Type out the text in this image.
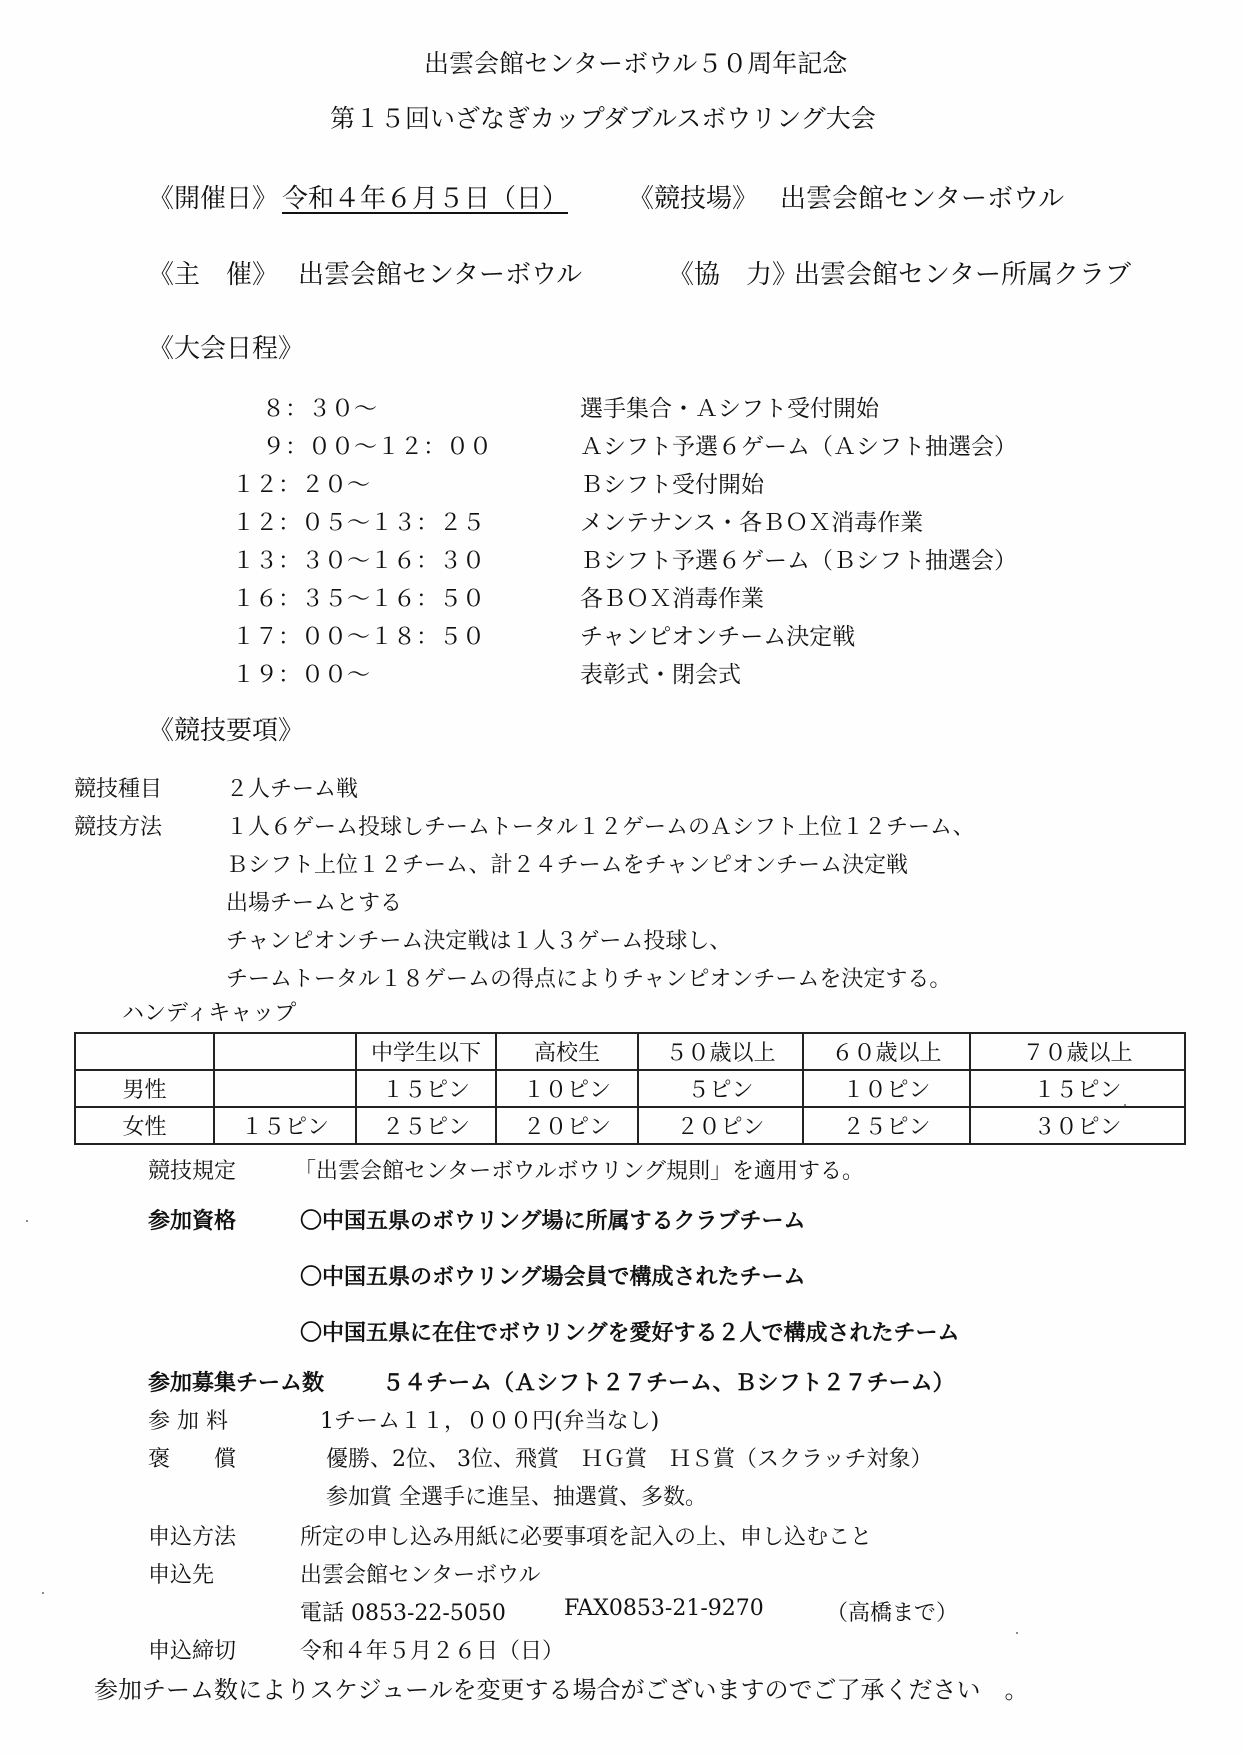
出雲会館センターボウル５０周年記念
第１５回いざなぎカップダブルスボウリング大会
《開催日》 令和４年６月５日（日） 《競技場》 出雲会館センターボウル
《主　催》 出雲会館センターボウル	《協　力》
出雲会館センター所属クラブ
《大会日程》
８：３０～	選手集合・Ａシフト受付開始
９：００～１２：００	Ａシフト予選６ゲーム（Ａシフト抽選会）
１２：２０～	Ｂシフト受付開始
１２：０５～１３：２５	メンテナンス・各ＢＯＸ消毒作業
１３：３０～１６：３０	Ｂシフト予選６ゲーム（Ｂシフト抽選会）
１６：３５～１６：５０	各ＢＯＸ消毒作業
１７：００～１８：５０	チャンピオンチーム決定戦
１９：００～	表彰式・閉会式
《競技要項》
競技種目	２人チーム戦
競技方法	１人６ゲーム投球しチームトータル１２ゲームのＡシフト上位１２チーム、
Ｂシフト上位１２チーム、計２４チームをチャンピオンチーム決定戦
出場チームとする
チャンピオンチーム決定戦は１人３ゲーム投球し、
チームトータル１８ゲームの得点によりチャンピオンチームを決定する。
ハンディキャップ
		中学生以下	高校生	５０歳以上	６０歳以上	７０歳以上
男性		１５ピン	１０ピン	５ピン	１０ピン	１５ピン
女性	１５ピン	２５ピン	２０ピン	２０ピン	２５ピン	３０ピン
競技規定	「出雲会館センターボウルボウリング規則」を適用する。
参加資格	〇中国五県のボウリング場に所属するクラブチーム
〇中国五県のボウリング場会員で構成されたチーム
〇中国五県に在住でボウリングを愛好する２人で構成されたチーム
参加募集チーム数	５４チーム（Ａシフト２７チーム、Ｂシフト２７チーム）
参 加 料	1チーム１１，０００円(弁当なし)
褒　　償	優勝、2位、 3位、飛賞　ＨＧ賞　ＨＳ賞（スクラッチ対象）
参加賞 全選手に進呈、抽選賞、多数。
申込方法	所定の申し込み用紙に必要事項を記入の上、申し込むこと
申込先	出雲会館センターボウル
電話 0853-22-5050	FAX0853-21-9270	（高橋まで）
申込締切	令和４年５月２６日（日）
参加チーム数によりスケジュールを変更する場合がございますのでご了承ください　。
